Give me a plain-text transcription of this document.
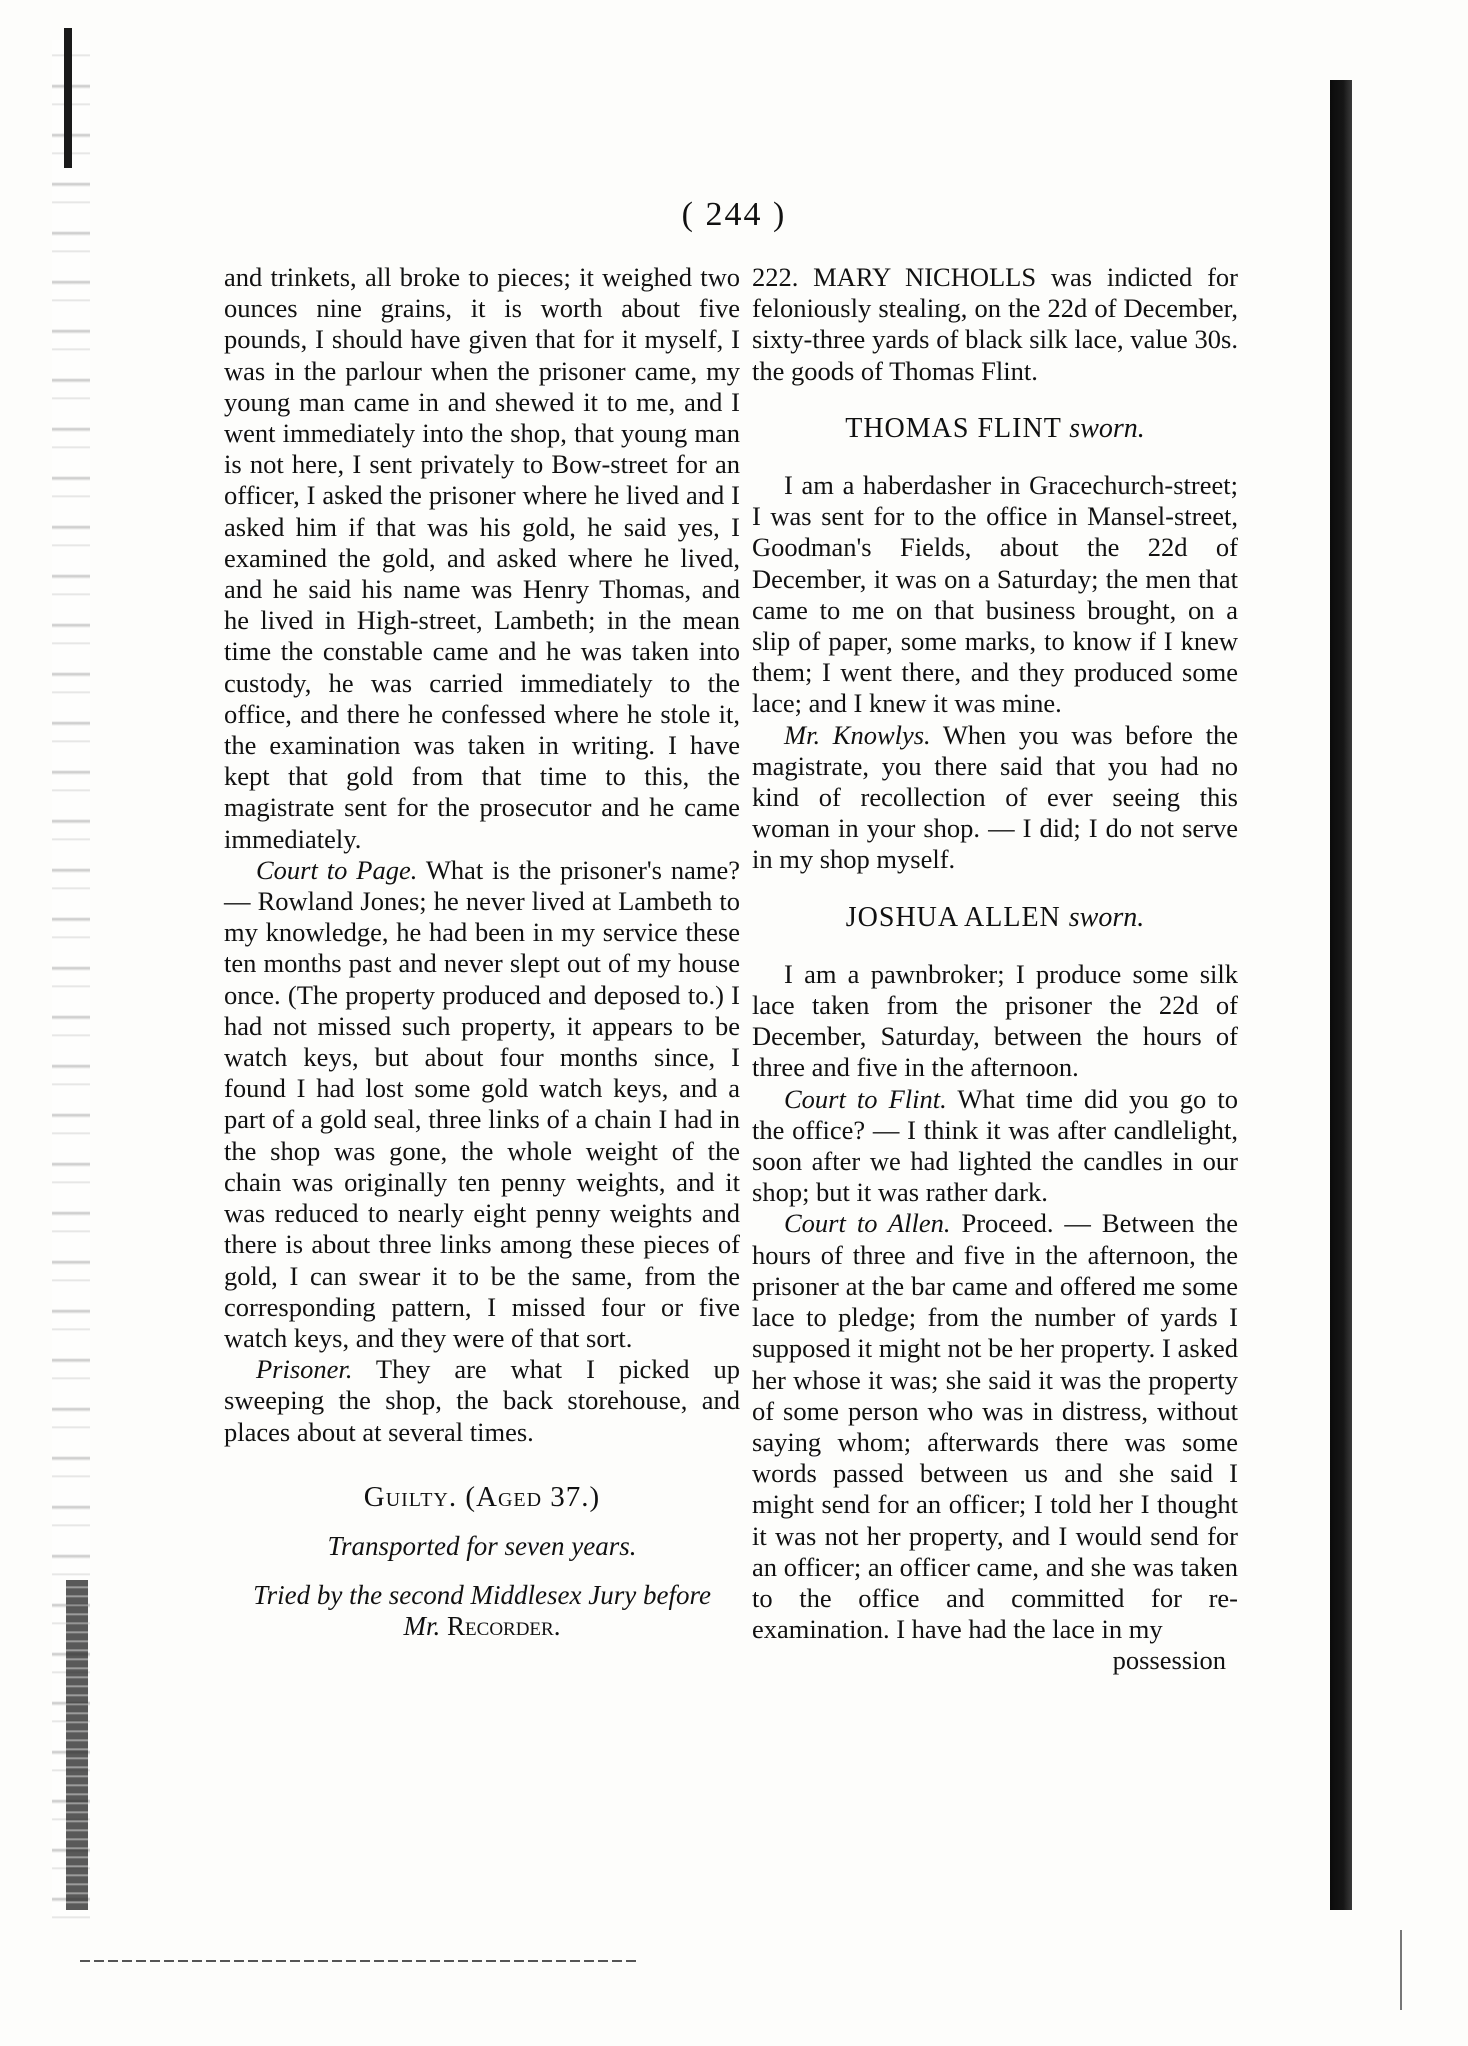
( 244 )

and trinkets, all broke to pieces; it weighed two ounces nine grains, it is worth about five pounds, I should have given that for it myself, I was in the parlour when the prisoner came, my young man came in and shewed it to me, and I went immediately into the shop, that young man is not here, I sent privately to Bow-street for an officer, I asked the prisoner where he lived and I asked him if that was his gold, he said yes, I examined the gold, and asked where he lived, and he said his name was Henry Thomas, and he lived in High-street, Lambeth; in the mean time the constable came and he was taken into custody, he was carried immediately to the office, and there he confessed where he stole it, the examination was taken in writing. I have kept that gold from that time to this, the magistrate sent for the prosecutor and he came immediately.

Court to Page. What is the prisoner's name? — Rowland Jones; he never lived at Lambeth to my knowledge, he had been in my service these ten months past and never slept out of my house once. (The property produced and deposed to.) I had not missed such property, it appears to be watch keys, but about four months since, I found I had lost some gold watch keys, and a part of a gold seal, three links of a chain I had in the shop was gone, the whole weight of the chain was originally ten penny weights, and it was reduced to nearly eight penny weights and there is about three links among these pieces of gold, I can swear it to be the same, from the corresponding pattern, I missed four or five watch keys, and they were of that sort.

Prisoner. They are what I picked up sweeping the shop, the back storehouse, and places about at several times.

Guilty. (Aged 37.)

Transported for seven years.

Tried by the second Middlesex Jury before

Mr. Recorder.

222. MARY NICHOLLS was indicted for feloniously stealing, on the 22d of December, sixty-three yards of black silk lace, value 30s. the goods of Thomas Flint.

THOMAS FLINT sworn.

I am a haberdasher in Gracechurch-street; I was sent for to the office in Mansel-street, Goodman's Fields, about the 22d of December, it was on a Saturday; the men that came to me on that business brought, on a slip of paper, some marks, to know if I knew them; I went there, and they produced some lace; and I knew it was mine.

Mr. Knowlys. When you was before the magistrate, you there said that you had no kind of recollection of ever seeing this woman in your shop. — I did; I do not serve in my shop myself.

JOSHUA ALLEN sworn.

I am a pawnbroker; I produce some silk lace taken from the prisoner the 22d of December, Saturday, between the hours of three and five in the afternoon.

Court to Flint. What time did you go to the office? — I think it was after candlelight, soon after we had lighted the candles in our shop; but it was rather dark.

Court to Allen. Proceed. — Between the hours of three and five in the afternoon, the prisoner at the bar came and offered me some lace to pledge; from the number of yards I supposed it might not be her property. I asked her whose it was; she said it was the property of some person who was in distress, without saying whom; afterwards there was some words passed between us and she said I might send for an officer; I told her I thought it was not her property, and I would send for an officer; an officer came, and she was taken to the office and committed for re-examination. I have had the lace in my

possession
